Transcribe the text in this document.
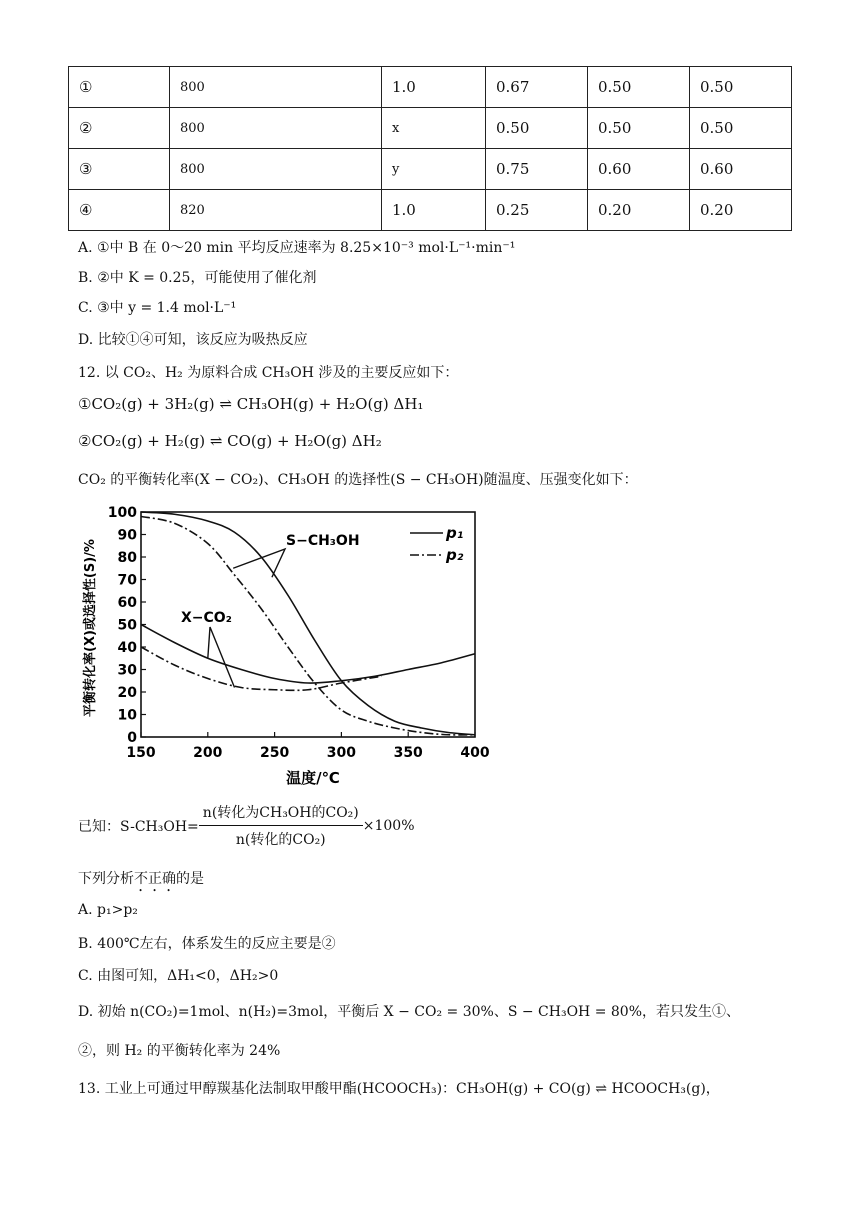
①	800	1.0	0.67	0.50	0.50
②	800	x	0.50	0.50	0.50
③	800	y	0.75	0.60	0.60
④	820	1.0	0.25	0.20	0.20
A. ①中 B 在 0～20 min 平均反应速率为 8.25×10⁻³ mol·L⁻¹·min⁻¹
B. ②中 K = 0.25，可能使用了催化剂
C. ③中 y = 1.4 mol·L⁻¹
D. 比较①④可知，该反应为吸热反应
12. 以 CO₂、H₂ 为原料合成 CH₃OH 涉及的主要反应如下：
①CO₂(g) + 3H₂(g) ⇌ CH₃OH(g) + H₂O(g) ΔH₁
②CO₂(g) + H₂(g) ⇌ CO(g) + H₂O(g) ΔH₂
CO₂ 的平衡转化率(X − CO₂)、CH₃OH 的选择性(S − CH₃OH)随温度、压强变化如下：
150	200	250	300	350	400
0
10
20
30
40
50
60
70
80
90
100
p₁
p₂
S−CH₃OH
X−CO₂
平衡转化率(X)或选择性(S)/%
温度/℃
已知：$S-CH_3OH= \frac{\text{n(转化为CH₃OH的CO₂)}}{\text{n(转化的CO₂)}} \times 100\%$
下列分析不正确的是
A. p₁>p₂
B. 400℃左右，体系发生的反应主要是②
C. 由图可知，ΔH₁<0，ΔH₂>0
D. 初始 n(CO₂)=1mol、n(H₂)=3mol，平衡后 X − CO₂ = 30%、S − CH₃OH = 80%，若只发生①、
②，则 H₂ 的平衡转化率为 24%
13. 工业上可通过甲醇羰基化法制取甲酸甲酯(HCOOCH₃)：CH₃OH(g) + CO(g) ⇌ HCOOCH₃(g)，
